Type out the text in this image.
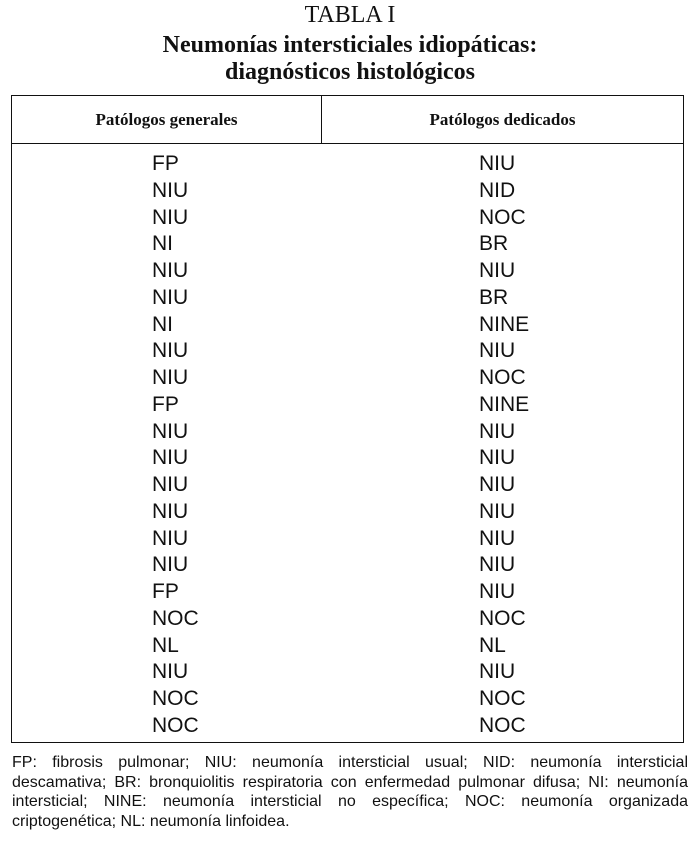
TABLA I
Neumonías intersticiales idiopáticas:
diagnósticos histológicos
Patólogos generales	Patólogos dedicados
FP	NIU
NIU	NID
NIU	NOC
NI	BR
NIU	NIU
NIU	BR
NI	NINE
NIU	NIU
NIU	NOC
FP	NINE
NIU	NIU
NIU	NIU
NIU	NIU
NIU	NIU
NIU	NIU
NIU	NIU
FP	NIU
NOC	NOC
NL	NL
NIU	NIU
NOC	NOC
NOC	NOC
FP: fibrosis pulmonar; NIU: neumonía intersticial usual; NID: neumonía intersticial descamativa; BR: bronquiolitis respiratoria con enfermedad pulmonar difusa; NI: neumonía intersticial; NINE: neumonía intersticial no específica; NOC: neumonía organizada criptogenética; NL: neumonía linfoidea.
